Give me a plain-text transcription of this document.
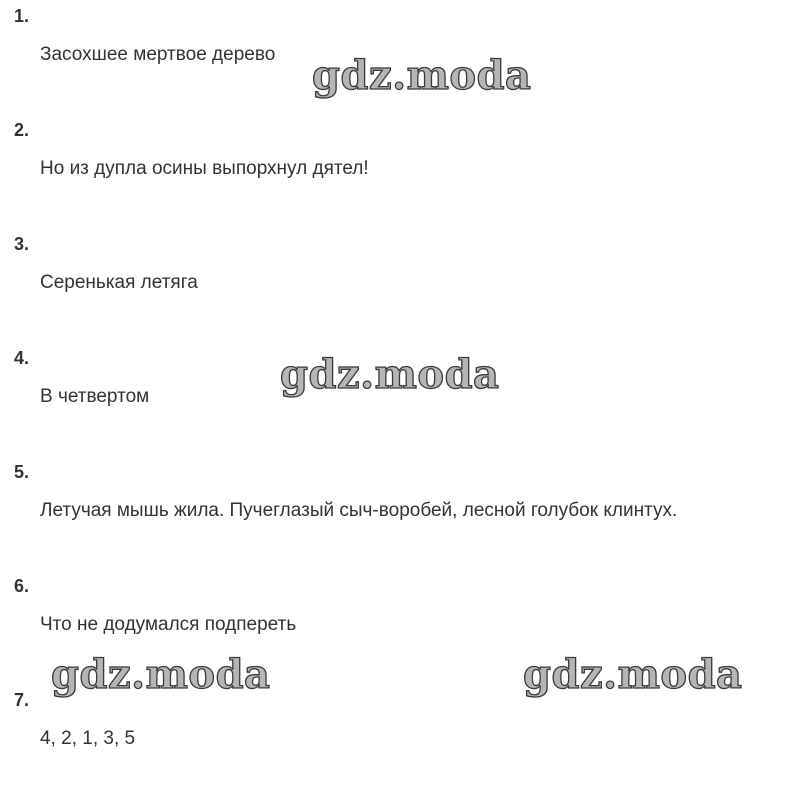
1.
Засохшее мертвое дерево
2.
Но из дупла осины выпорхнул дятел!
3.
Серенькая летяга
4.
В четвертом
5.
Летучая мышь жила. Пучеглазый сыч-воробей, лесной голубок клинтух.
6.
Что не додумался подпереть
7.
4, 2, 1, 3, 5
gdz.moda
gdz.moda
gdz.moda	gdz.moda
